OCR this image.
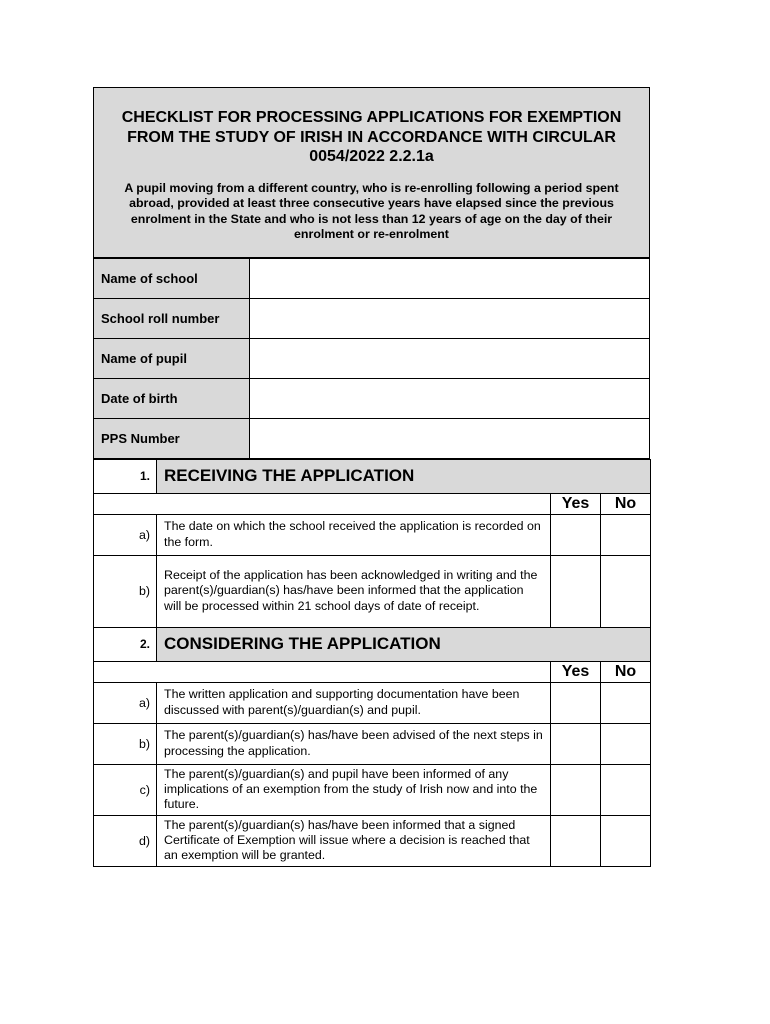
CHECKLIST FOR PROCESSING APPLICATIONS FOR EXEMPTION FROM THE STUDY OF IRISH IN ACCORDANCE WITH CIRCULAR 0054/2022 2.2.1a

A pupil moving from a different country, who is re-enrolling following a period spent abroad, provided at least three consecutive years have elapsed since the previous enrolment in the State and who is not less than 12 years of age on the day of their enrolment or re-enrolment

Name of school	
School roll number	
Name of pupil	
Date of birth	
PPS Number	
1.	RECEIVING THE APPLICATION		
		Yes	No
a)	The date on which the school received the application is recorded on the form.		
b)	Receipt of the application has been acknowledged in writing and the parent(s)/guardian(s) has/have been informed that the application will be processed within 21 school days of date of receipt.		
2.	CONSIDERING THE APPLICATION		
		Yes	No
a)	The written application and supporting documentation have been discussed with parent(s)/guardian(s) and pupil.		
b)	The parent(s)/guardian(s) has/have been advised of the next steps in processing the application.		
c)	The parent(s)/guardian(s) and pupil have been informed of any implications of an exemption from the study of Irish now and into the future.		
d)	The parent(s)/guardian(s) has/have been informed that a signed Certificate of Exemption will issue where a decision is reached that an exemption will be granted.		
